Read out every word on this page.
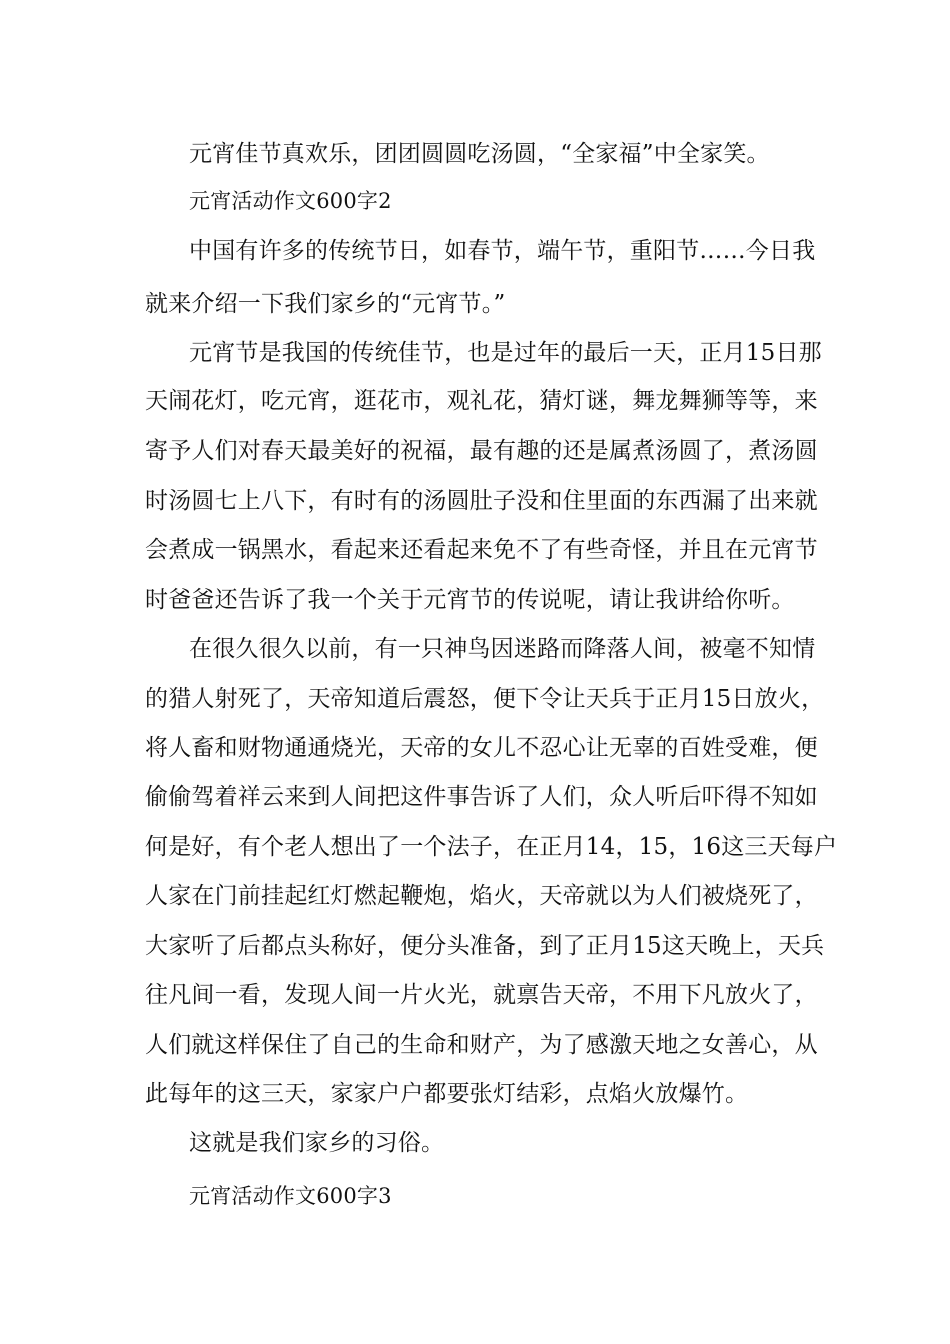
元宵佳节真欢乐，团团圆圆吃汤圆，“全家福”中全家笑。
元宵活动作文600字2
中国有许多的传统节日，如春节，端午节，重阳节……今日我
就来介绍一下我们家乡的“元宵节。”
元宵节是我国的传统佳节，也是过年的最后一天，正月15日那
天闹花灯，吃元宵，逛花市，观礼花，猜灯谜，舞龙舞狮等等，来
寄予人们对春天最美好的祝福，最有趣的还是属煮汤圆了，煮汤圆
时汤圆七上八下，有时有的汤圆肚子没和住里面的东西漏了出来就
会煮成一锅黑水，看起来还看起来免不了有些奇怪，并且在元宵节
时爸爸还告诉了我一个关于元宵节的传说呢，请让我讲给你听。
在很久很久以前，有一只神鸟因迷路而降落人间，被毫不知情
的猎人射死了，天帝知道后震怒，便下令让天兵于正月15日放火，
将人畜和财物通通烧光，天帝的女儿不忍心让无辜的百姓受难，便
偷偷驾着祥云来到人间把这件事告诉了人们，众人听后吓得不知如
何是好，有个老人想出了一个法子，在正月14，15，16这三天每户
人家在门前挂起红灯燃起鞭炮，焰火，天帝就以为人们被烧死了，
大家听了后都点头称好，便分头准备，到了正月15这天晚上，天兵
往凡间一看，发现人间一片火光，就禀告天帝，不用下凡放火了，
人们就这样保住了自己的生命和财产，为了感激天地之女善心，从
此每年的这三天，家家户户都要张灯结彩，点焰火放爆竹。
这就是我们家乡的习俗。
元宵活动作文600字3
